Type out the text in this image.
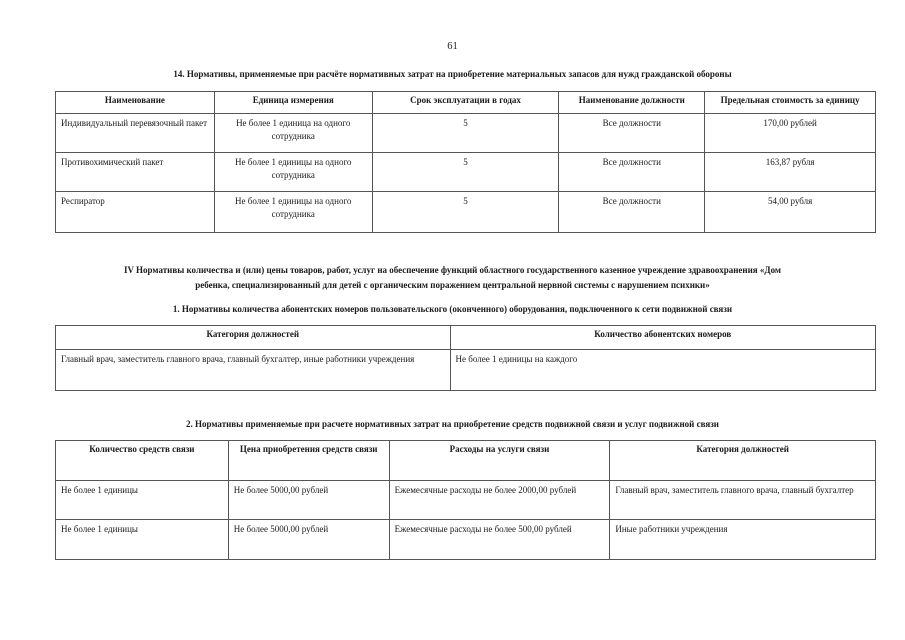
61
14. Нормативы, применяемые при расчёте нормативных затрат на приобретение материальных запасов для нужд гражданской обороны
Наименование	Единица измерения	Срок эксплуатации в годах	Наименование должности	Предельная стоимость за единицу
Индивидуальный перевязочный пакет	Не более 1 единица на одного сотрудника	5	Все должности	170,00 рублей
Противохимический пакет	Не более 1 единицы на одного сотрудника	5	Все должности	163,87 рубля
Респиратор	Не более 1 единицы на одного сотрудника	5	Все должности	54,00 рубля
IV Нормативы количества и (или) цены товаров, работ, услуг на обеспечение функций областного государственного казенное учреждение здравоохранения «Дом
ребенка, специализированный для детей с органическим поражением центральной нервной системы с нарушением психики»
1. Нормативы количества абонентских номеров пользовательского (оконченного) оборудования, подключенного к сети подвижной связи
Категория должностей	Количество абонентских номеров
Главный врач, заместитель главного врача, главный бухгалтер, иные работники учреждения	Не более 1 единицы на каждого
2. Нормативы применяемые при расчете нормативных затрат на приобретение средств подвижной связи и услуг подвижной связи
Количество средств связи	Цена приобретения средств связи	Расходы на услуги связи	Категория должностей
Не более 1 единицы	Не более 5000,00 рублей	Ежемесячные расходы не более 2000,00 рублей	Главный врач, заместитель главного врача, главный бухгалтер
Не более 1 единицы	Не более 5000,00 рублей	Ежемесячные расходы не более 500,00 рублей	Иные работники учреждения
